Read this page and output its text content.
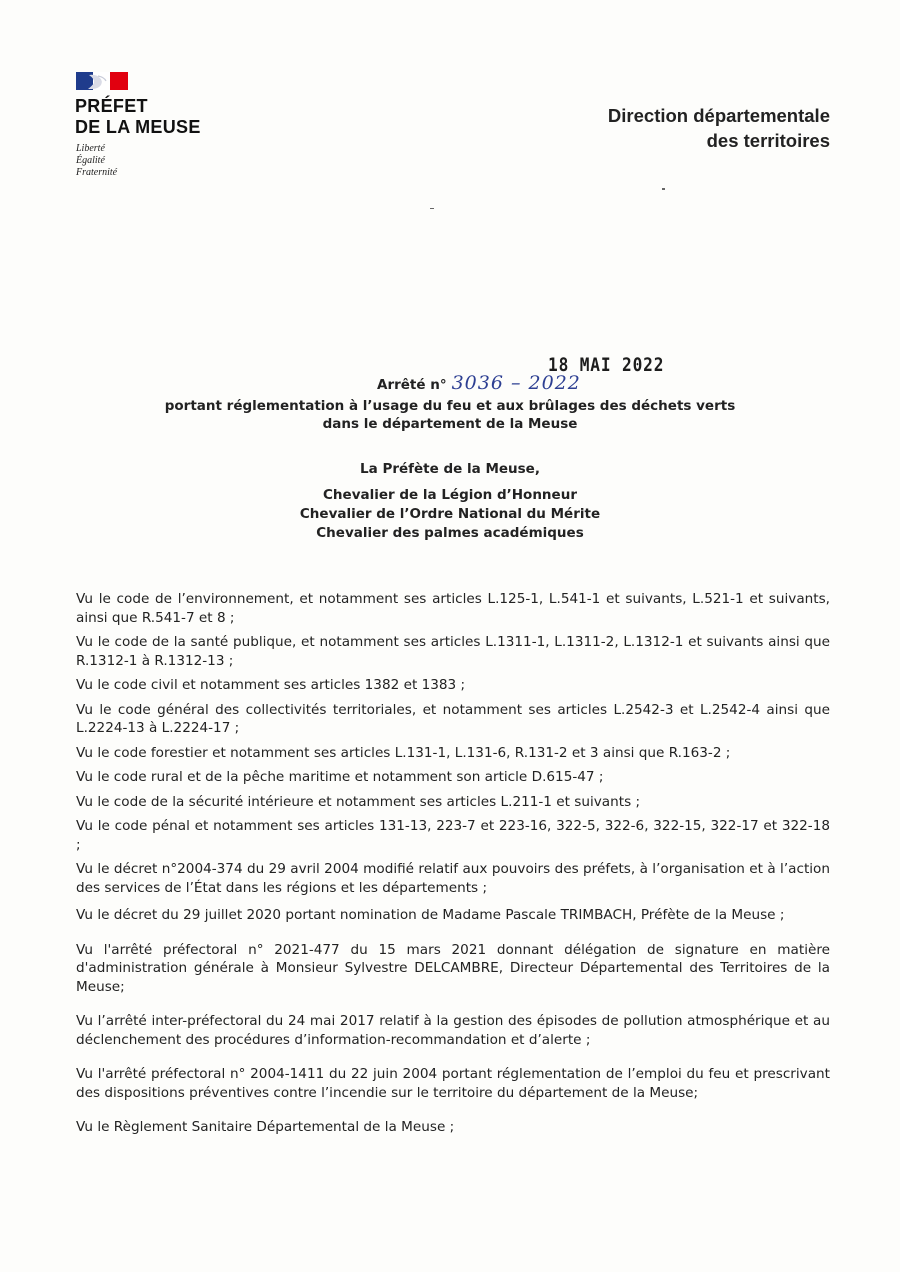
PRÉFET
DE LA MEUSE
Liberté
Égalité
Fraternité
Direction départementale
des territoires
18 MAI 2022
Arrêté n° 3036 – 2022
portant réglementation à l’usage du feu et aux brûlages des déchets verts
dans le département de la Meuse
La Préfète de la Meuse,
Chevalier de la Légion d’Honneur
Chevalier de l’Ordre National du Mérite
Chevalier des palmes académiques

Vu le code de l’environnement, et notamment ses articles L.125-1, L.541-1 et suivants, L.521-1 et suivants, ainsi que R.541-7 et 8 ;

Vu le code de la santé publique, et notamment ses articles L.1311-1, L.1311-2, L.1312-1 et suivants ainsi que R.1312-1 à R.1312-13 ;

Vu le code civil et notamment ses articles 1382 et 1383 ;

Vu le code général des collectivités territoriales, et notamment ses articles L.2542-3 et L.2542-4 ainsi que L.2224-13 à L.2224-17 ;

Vu le code forestier et notamment ses articles L.131-1, L.131-6, R.131-2 et 3 ainsi que R.163-2 ;

Vu le code rural et de la pêche maritime et notamment son article D.615-47 ;

Vu le code de la sécurité intérieure et notamment ses articles L.211-1 et suivants ;

Vu le code pénal et notamment ses articles 131-13, 223-7 et 223-16, 322-5, 322-6, 322-15, 322-17 et 322-18 ;

Vu le décret n°2004-374 du 29 avril 2004 modifié relatif aux pouvoirs des préfets, à l’organisation et à l’action des services de l’État dans les régions et les départements ;

Vu le décret du 29 juillet 2020 portant nomination de Madame Pascale TRIMBACH, Préfète de la Meuse ;

Vu l'arrêté préfectoral n° 2021-477 du 15 mars 2021 donnant délégation de signature en matière d'administration générale à Monsieur Sylvestre DELCAMBRE, Directeur Départemental des Territoires de la Meuse;

Vu l’arrêté inter-préfectoral du 24 mai 2017 relatif à la gestion des épisodes de pollution atmosphérique et au déclenchement des procédures d’information-recommandation et d’alerte ;

Vu l'arrêté préfectoral n° 2004-1411 du 22 juin 2004 portant réglementation de l’emploi du feu et prescrivant des dispositions préventives contre l’incendie sur le territoire du département de la Meuse;

Vu le Règlement Sanitaire Départemental de la Meuse ;
